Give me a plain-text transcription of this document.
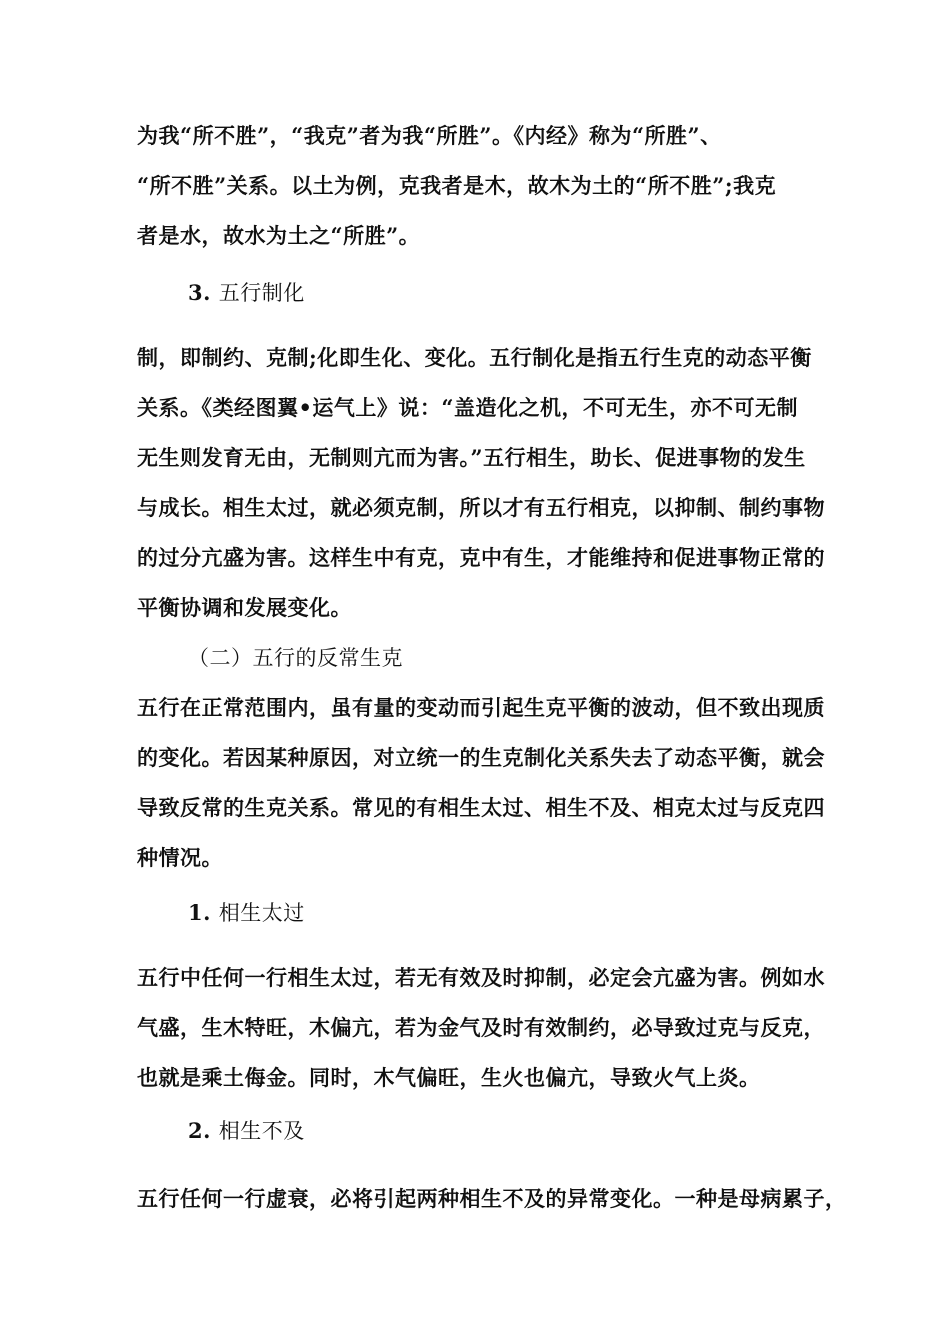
为我“所不胜”，“我克”者为我“所胜”。《内经》称为“所胜”、
“所不胜”关系。以土为例，克我者是木，故木为土的“所不胜”;我克
者是水，故水为土之“所胜”。
3. 五行制化
制，即制约、克制;化即生化、变化。五行制化是指五行生克的动态平衡
关系。《类经图翼•运气上》说：“盖造化之机，不可无生，亦不可无制
无生则发育无由，无制则亢而为害。”五行相生，助长、促进事物的发生
与成长。相生太过，就必须克制，所以才有五行相克，以抑制、制约事物
的过分亢盛为害。这样生中有克，克中有生，才能维持和促进事物正常的
平衡协调和发展变化。
（二）五行的反常生克
五行在正常范围内，虽有量的变动而引起生克平衡的波动，但不致出现质
的变化。若因某种原因，对立统一的生克制化关系失去了动态平衡，就会
导致反常的生克关系。常见的有相生太过、相生不及、相克太过与反克四
种情况。
1. 相生太过
五行中任何一行相生太过，若无有效及时抑制，必定会亢盛为害。例如水
气盛，生木特旺，木偏亢，若为金气及时有效制约，必导致过克与反克，
也就是乘土侮金。同时，木气偏旺，生火也偏亢，导致火气上炎。
2. 相生不及
五行任何一行虚衰，必将引起两种相生不及的异常变化。一种是母病累子，
